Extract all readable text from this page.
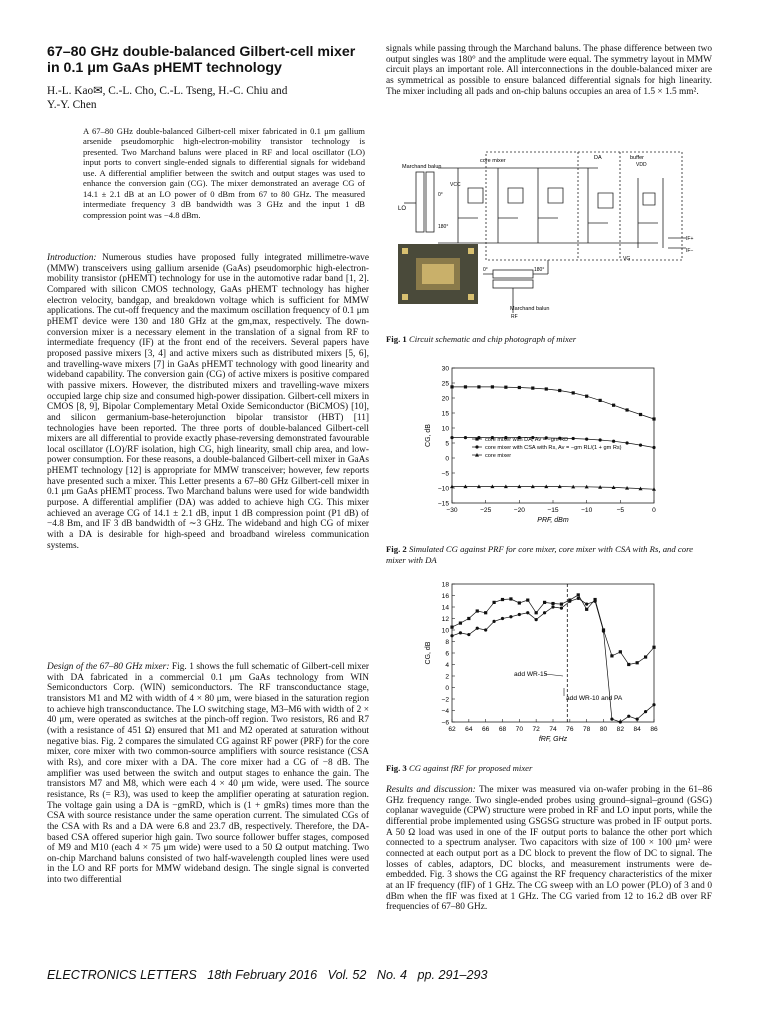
67–80 GHz double-balanced Gilbert-cell mixer in 0.1 μm GaAs pHEMT technology
H.-L. Kao✉, C.-L. Cho, C.-L. Tseng, H.-C. Chiu and
Y.-Y. Chen

A 67–80 GHz double-balanced Gilbert-cell mixer fabricated in 0.1 μm gallium arsenide pseudomorphic high-electron-mobility transistor technology is presented. Two Marchand baluns were placed in RF and local oscillator (LO) input ports to convert single-ended signals to differential signals for wideband use. A differential amplifier between the switch and output stages was used to enhance the conversion gain (CG). The mixer demonstrated an average CG of 14.1 ± 2.1 dB at an LO power of 0 dBm from 67 to 80 GHz. The measured intermediate frequency 3 dB bandwidth was 3 GHz and the input 1 dB compression point was −4.8 dBm.

Introduction: Numerous studies have proposed fully integrated millimetre-wave (MMW) transceivers using gallium arsenide (GaAs) pseudomorphic high-electron-mobility transistor (pHEMT) technology for use in the automotive radar band [1, 2]. Compared with silicon CMOS technology, GaAs pHEMT technology has higher electron velocity, bandgap, and breakdown voltage which is sufficient for MMW applications. The cut-off frequency and the maximum oscillation frequency of 0.1 μm pHEMT device were 130 and 180 GHz at the gm,max, respectively. The down-conversion mixer is a necessary element in the translation of a signal from RF to intermediate frequency (IF) at the front end of the receivers. Several papers have proposed passive mixers [3, 4] and active mixers such as distributed mixers [5, 6], and travelling-wave mixers [7] in GaAs pHEMT technology with good linearity and wideband capability. The conversion gain (CG) of active mixers is positive compared with passive mixers. However, the distributed mixers and travelling-wave mixers occupied large chip size and consumed high-power dissipation. Gilbert-cell mixers in CMOS [8, 9], Bipolar Complementary Metal Oxide Semiconductor (BiCMOS) [10], and silicon germanium-base-heterojunction bipolar transistor (HBT) [11] technologies have been reported. The three ports of double-balanced Gilbert-cell mixers are all differential to provide exactly phase-reversing demonstrated favourable local oscillator (LO)/RF isolation, high CG, high linearity, small chip area, and low-power consumption. For these reasons, a double-balanced Gilbert-cell mixer in GaAs pHEMT technology [12] is appropriate for MMW transceiver; however, few reports have presented such a mixer. This Letter presents a 67–80 GHz Gilbert-cell mixer in 0.1 μm GaAs pHEMT process. Two Marchand baluns were used for wide bandwidth purpose. A differential amplifier (DA) was added to achieve high CG. This mixer achieved an average CG of 14.1 ± 2.1 dB, input 1 dB compression point (P1 dB) of −4.8 Bm, and IF 3 dB bandwidth of ∼3 GHz. The wideband and high CG of mixer with a DA is desirable for high-speed and broadband wireless communication systems.

Design of the 67–80 GHz mixer: Fig. 1 shows the full schematic of Gilbert-cell mixer with DA fabricated in a commercial 0.1 μm GaAs technology from WIN Semiconductors Corp. (WIN) semiconductors. The RF transconductance stage, transistors M1 and M2 with width of 4 × 80 μm, were biased in the saturation region to achieve high transconductance. The LO switching stage, M3–M6 with width of 2 × 40 μm, were operated as switches at the pinch-off region. Two resistors, R6 and R7 (with a resistance of 451 Ω) ensured that M1 and M2 operated at saturation without negative bias. Fig. 2 compares the simulated CG against RF power (PRF) for the core mixer, core mixer with two common-source amplifiers with source resistance (CSA with Rs), and core mixer with a DA. The core mixer had a CG of −8 dB. The amplifier was used between the switch and output stages to enhance the gain. The transistors M7 and M8, which were each 4 × 40 μm wide, were used. The source resistance, Rs (= R3), was used to keep the amplifier operating at saturation region. The voltage gain using a DA is −gmRD, which is (1 + gmRs) times more than the CSA with source resistance under the same operation current. The simulated CGs of the CSA with Rs and a DA were 6.8 and 23.7 dB, respectively. Therefore, the DA-based CSA offered superior high gain. Two source follower buffer stages, composed of M9 and M10 (each 4 × 75 μm wide) were used to a 50 Ω output matching. Two on-chip Marchand baluns consisted of two half-wavelength coupled lines were used in the LO and RF ports for MMW wideband design. The single signal is converted into two differential

signals while passing through the Marchand baluns. The phase difference between two output singles was 180° and the amplitude were equal. The symmetry layout in MMW circuit plays an important role. All interconnections in the double-balanced mixer are as symmetrical as possible to ensure balanced differential signals for high linearity. The mixer including all pads and on-chip baluns occupies an area of 1.5 × 1.5 mm².

core mixer	DA	buffer
Marchand balun
Marchand balun
LO
RF
IF+
IF−
0°
180°
0°	180°
VDD
VG
VCC

Fig. 1 Circuit schematic and chip photograph of mixer

−30	−25	−20	−15	−10	−5	0
−15
−10
−5
0
5
10
15
20
25
30
PRF, dBm
CG, dB	core mixer with DA, Av = −gm RD
core mixer with CSA with Rs, Av = −gm RL/(1 + gm Rs)
core mixer

Fig. 2 Simulated CG against PRF for core mixer, core mixer with CSA with Rs, and core mixer with DA

62 64 66 68 70 72 74 76 78 80 82 84 86
−6
−4
−2
0
2
4
6
8
10
12
14
16
18
fRF, GHz
CG, dB
add WR-15
add WR-10 and PA

Fig. 3 CG against fRF for proposed mixer

Results and discussion: The mixer was measured via on-wafer probing in the 61–86 GHz frequency range. Two single-ended probes using ground–signal–ground (GSG) coplanar waveguide (CPW) structure were probed in RF and LO input ports, while the differential probe implemented using GSGSG structure was probed in IF output ports. A 50 Ω load was used in one of the IF output ports to balance the other port which connected to a spectrum analyser. Two capacitors with size of 100 × 100 μm² were connected at each output port as a DC block to prevent the flow of DC to signal. The losses of cables, adaptors, DC blocks, and measurement instruments were de-embedded. Fig. 3 shows the CG against the RF frequency characteristics of the mixer at an IF frequency (fIF) of 1 GHz. The CG sweep with an LO power (PLO) of 3 and 0 dBm when the fIF was fixed at 1 GHz. The CG varied from 12 to 16.2 dB over RF frequencies of 67–80 GHz.

ELECTRONICS LETTERS   18th February 2016   Vol. 52   No. 4   pp. 291–293
